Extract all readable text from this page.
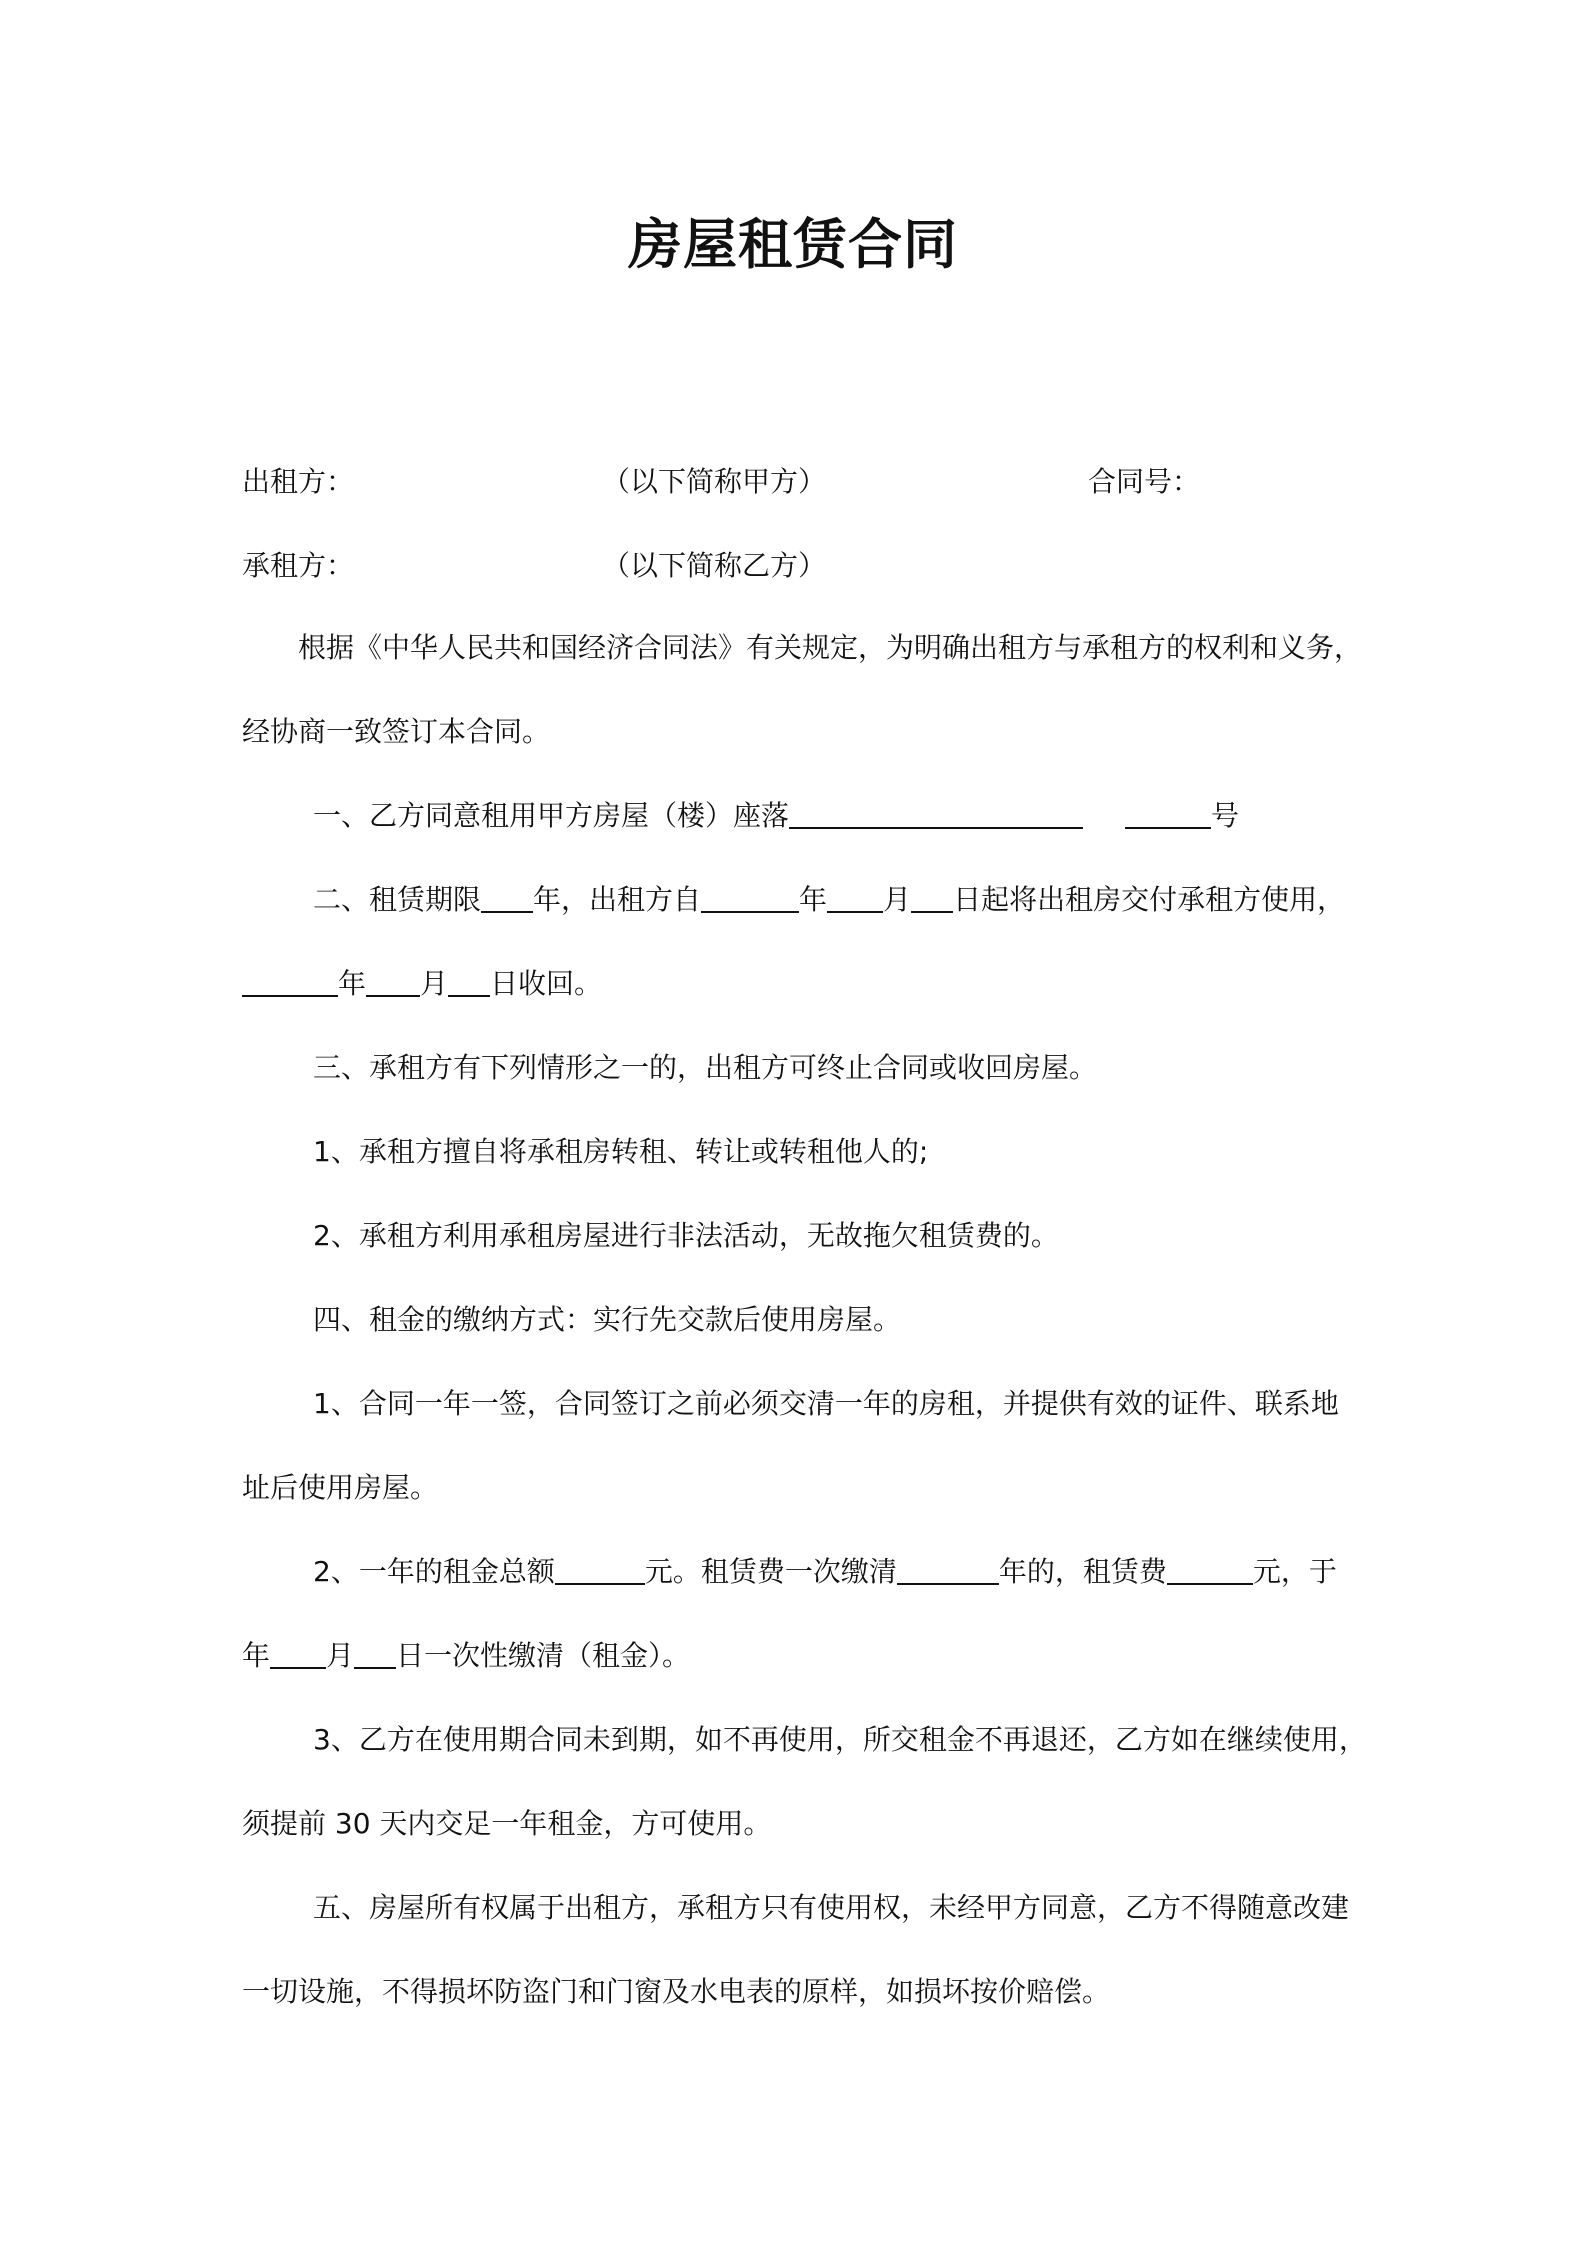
房屋租赁合同
出租方：	（以下简称甲方）	合同号：
承租方：	（以下简称乙方）
根据《中华人民共和国经济合同法》有关规定，为明确出租方与承租方的权利和义务，
经协商一致签订本合同。
一、乙方同意租用甲方房屋（楼）座落	号
二、租赁期限 年，出租方自	年 月 日起将出租房交付承租方使用，
年 月 日收回。
三、承租方有下列情形之一的，出租方可终止合同或收回房屋。
1、承租方擅自将承租房转租、转让或转租他人的;
2、承租方利用承租房屋进行非法活动，无故拖欠租赁费的。
四、租金的缴纳方式：实行先交款后使用房屋。
1、合同一年一签，合同签订之前必须交清一年的房租，并提供有效的证件、联系地
址后使用房屋。
2、一年的租金总额	元。租赁费一次缴清	年的，租赁费	元，于
年 月 日一次性缴清（租金）。
3、乙方在使用期合同未到期，如不再使用，所交租金不再退还，乙方如在继续使用，
须提前 30 天内交足一年租金，方可使用。
五、房屋所有权属于出租方，承租方只有使用权，未经甲方同意，乙方不得随意改建
一切设施，不得损坏防盗门和门窗及水电表的原样，如损坏按价赔偿。
